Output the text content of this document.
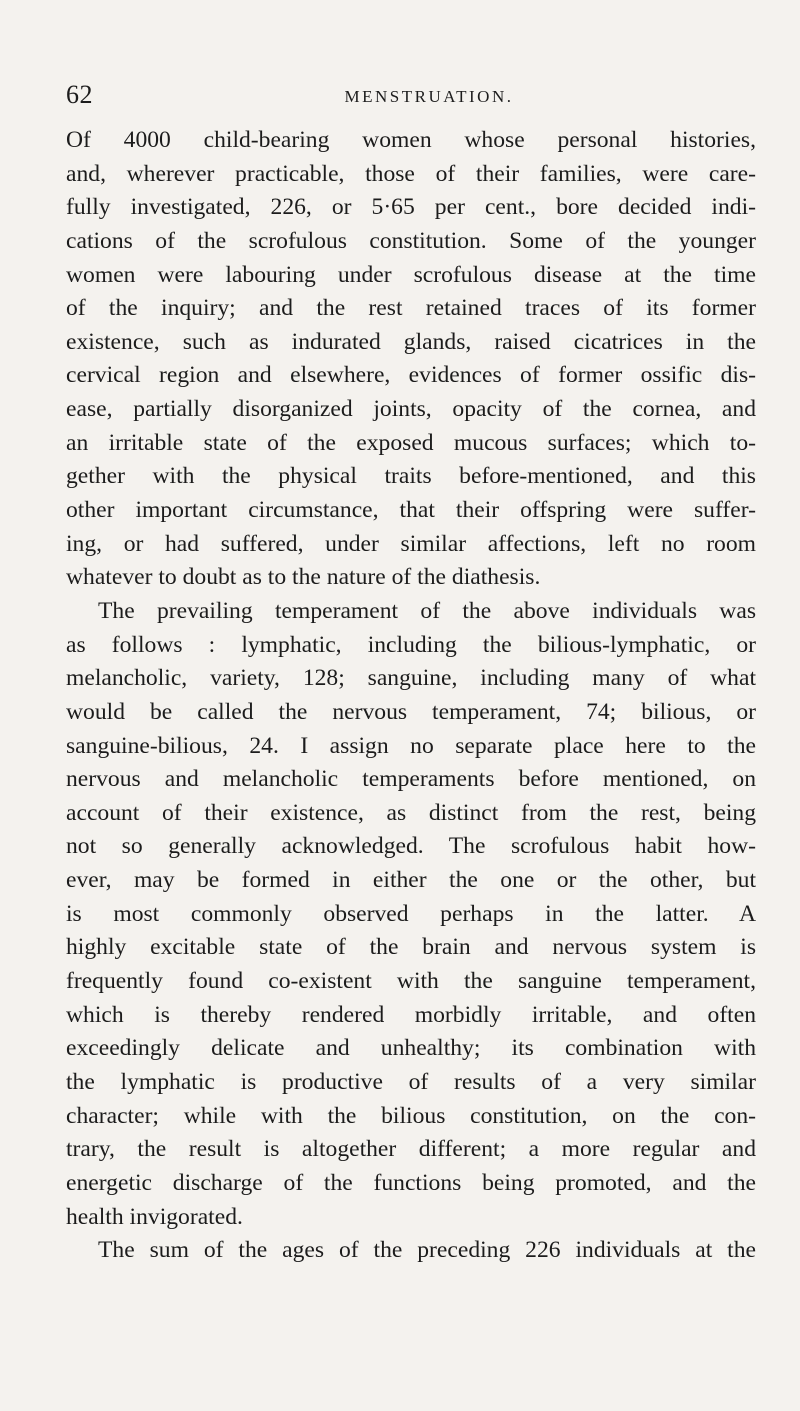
62	MENSTRUATION.
Of 4000 child-bearing women whose personal histories,
and, wherever practicable, those of their families, were care-
fully investigated, 226, or 5·65 per cent., bore decided indi-
cations of the scrofulous constitution. Some of the younger
women were labouring under scrofulous disease at the time
of the inquiry; and the rest retained traces of its former
existence, such as indurated glands, raised cicatrices in the
cervical region and elsewhere, evidences of former ossific dis-
ease, partially disorganized joints, opacity of the cornea, and
an irritable state of the exposed mucous surfaces; which to-
gether with the physical traits before-mentioned, and this
other important circumstance, that their offspring were suffer-
ing, or had suffered, under similar affections, left no room
whatever to doubt as to the nature of the diathesis.
The prevailing temperament of the above individuals was
as follows : lymphatic, including the bilious-lymphatic, or
melancholic, variety, 128; sanguine, including many of what
would be called the nervous temperament, 74; bilious, or
sanguine-bilious, 24. I assign no separate place here to the
nervous and melancholic temperaments before mentioned, on
account of their existence, as distinct from the rest, being
not so generally acknowledged. The scrofulous habit how-
ever, may be formed in either the one or the other, but
is most commonly observed perhaps in the latter. A
highly excitable state of the brain and nervous system is
frequently found co-existent with the sanguine temperament,
which is thereby rendered morbidly irritable, and often
exceedingly delicate and unhealthy; its combination with
the lymphatic is productive of results of a very similar
character; while with the bilious constitution, on the con-
trary, the result is altogether different; a more regular and
energetic discharge of the functions being promoted, and the
health invigorated.
The sum of the ages of the preceding 226 individuals at the
